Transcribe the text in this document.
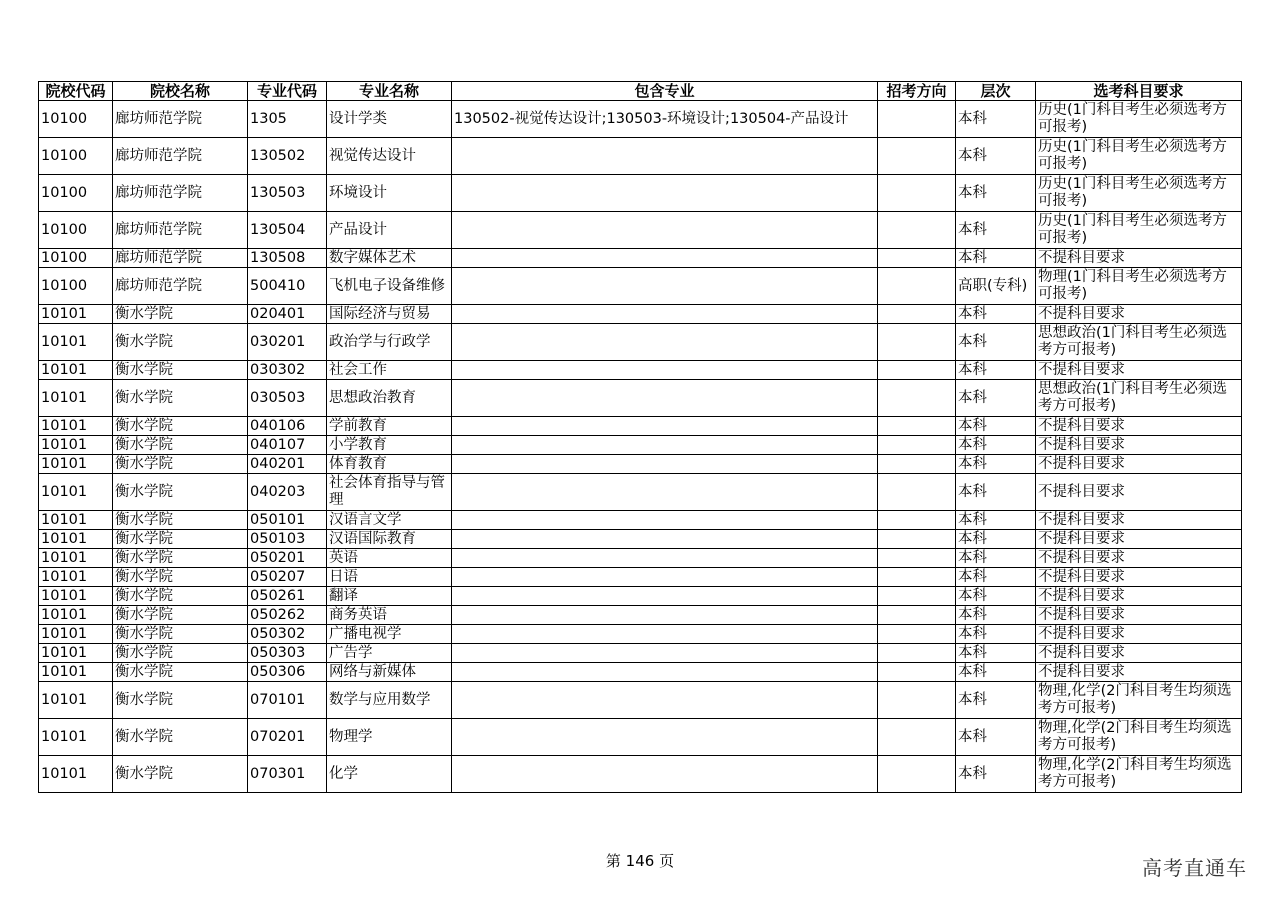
院校代码	院校名称	专业代码	专业名称	包含专业	招考方向	层次	选考科目要求
10100	廊坊师范学院	1305	设计学类	130502-视觉传达设计;130503-环境设计;130504-产品设计		本科	历史(1门科目考生必须选考方可报考)
10100	廊坊师范学院	130502	视觉传达设计			本科	历史(1门科目考生必须选考方可报考)
10100	廊坊师范学院	130503	环境设计			本科	历史(1门科目考生必须选考方可报考)
10100	廊坊师范学院	130504	产品设计			本科	历史(1门科目考生必须选考方可报考)
10100	廊坊师范学院	130508	数字媒体艺术			本科	不提科目要求
10100	廊坊师范学院	500410	飞机电子设备维修			高职(专科)	物理(1门科目考生必须选考方可报考)
10101	衡水学院	020401	国际经济与贸易			本科	不提科目要求
10101	衡水学院	030201	政治学与行政学			本科	思想政治(1门科目考生必须选考方可报考)
10101	衡水学院	030302	社会工作			本科	不提科目要求
10101	衡水学院	030503	思想政治教育			本科	思想政治(1门科目考生必须选考方可报考)
10101	衡水学院	040106	学前教育			本科	不提科目要求
10101	衡水学院	040107	小学教育			本科	不提科目要求
10101	衡水学院	040201	体育教育			本科	不提科目要求
10101	衡水学院	040203	社会体育指导与管理			本科	不提科目要求
10101	衡水学院	050101	汉语言文学			本科	不提科目要求
10101	衡水学院	050103	汉语国际教育			本科	不提科目要求
10101	衡水学院	050201	英语			本科	不提科目要求
10101	衡水学院	050207	日语			本科	不提科目要求
10101	衡水学院	050261	翻译			本科	不提科目要求
10101	衡水学院	050262	商务英语			本科	不提科目要求
10101	衡水学院	050302	广播电视学			本科	不提科目要求
10101	衡水学院	050303	广告学			本科	不提科目要求
10101	衡水学院	050306	网络与新媒体			本科	不提科目要求
10101	衡水学院	070101	数学与应用数学			本科	物理,化学(2门科目考生均须选考方可报考)
10101	衡水学院	070201	物理学			本科	物理,化学(2门科目考生均须选考方可报考)
10101	衡水学院	070301	化学			本科	物理,化学(2门科目考生均须选考方可报考)
第 146 页	高考直通车
